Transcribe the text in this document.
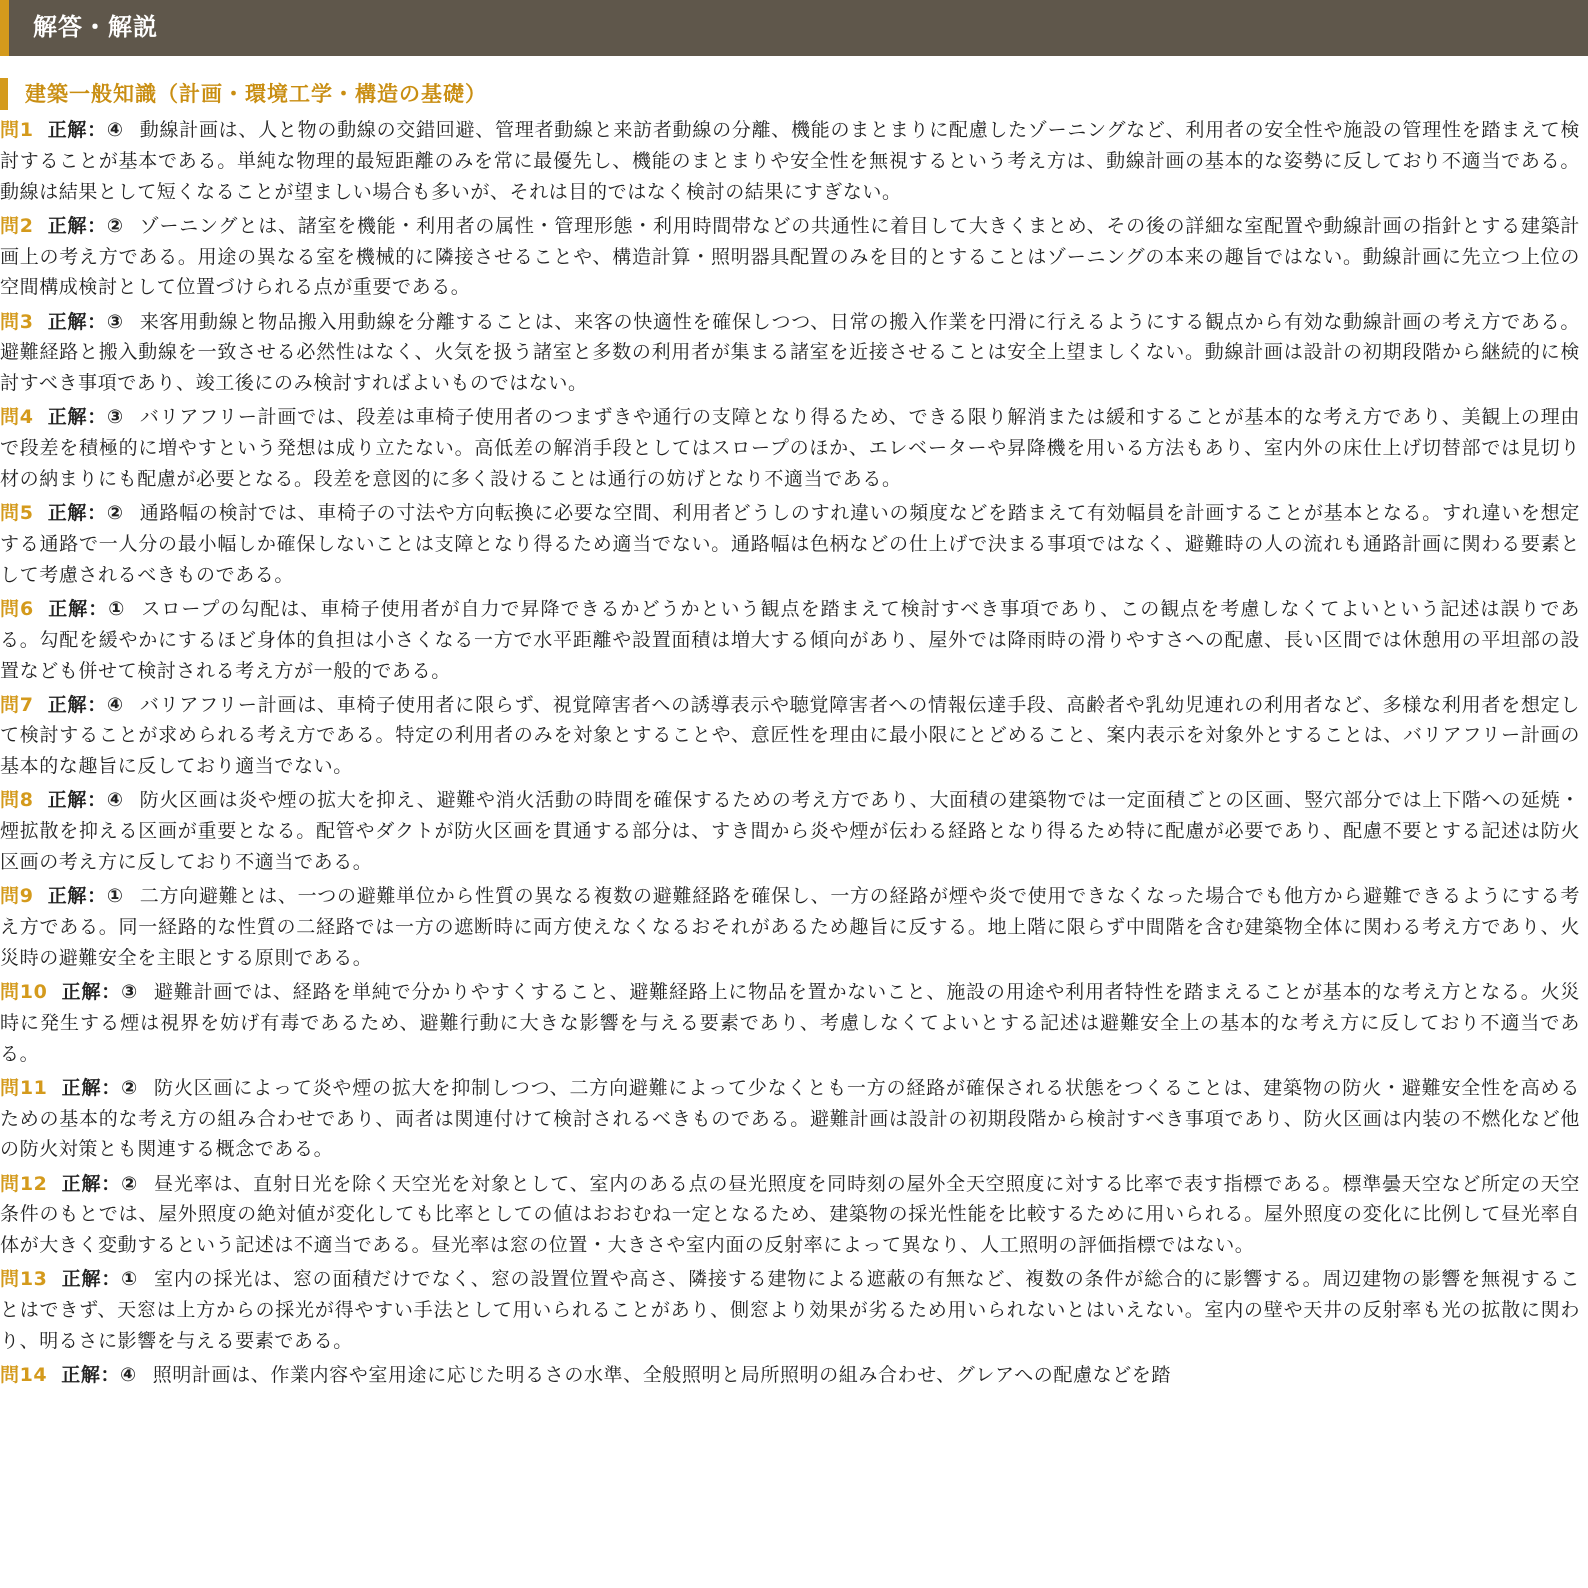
解答・解説
建築一般知識（計画・環境工学・構造の基礎）
問1 正解：④ 動線計画は、人と物の動線の交錯回避、管理者動線と来訪者動線の分離、機能のまとまりに配慮したゾーニングなど、利用者の安全性や施設の管理性を踏まえて検討することが基本である。単純な物理的最短距離のみを常に最優先し、機能のまとまりや安全性を無視するという考え方は、動線計画の基本的な姿勢に反しており不適当である。動線は結果として短くなることが望ましい場合も多いが、それは目的ではなく検討の結果にすぎない。
問2 正解：② ゾーニングとは、諸室を機能・利用者の属性・管理形態・利用時間帯などの共通性に着目して大きくまとめ、その後の詳細な室配置や動線計画の指針とする建築計画上の考え方である。用途の異なる室を機械的に隣接させることや、構造計算・照明器具配置のみを目的とすることはゾーニングの本来の趣旨ではない。動線計画に先立つ上位の空間構成検討として位置づけられる点が重要である。
問3 正解：③ 来客用動線と物品搬入用動線を分離することは、来客の快適性を確保しつつ、日常の搬入作業を円滑に行えるようにする観点から有効な動線計画の考え方である。避難経路と搬入動線を一致させる必然性はなく、火気を扱う諸室と多数の利用者が集まる諸室を近接させることは安全上望ましくない。動線計画は設計の初期段階から継続的に検討すべき事項であり、竣工後にのみ検討すればよいものではない。
問4 正解：③ バリアフリー計画では、段差は車椅子使用者のつまずきや通行の支障となり得るため、できる限り解消または緩和することが基本的な考え方であり、美観上の理由で段差を積極的に増やすという発想は成り立たない。高低差の解消手段としてはスロープのほか、エレベーターや昇降機を用いる方法もあり、室内外の床仕上げ切替部では見切り材の納まりにも配慮が必要となる。段差を意図的に多く設けることは通行の妨げとなり不適当である。
問5 正解：② 通路幅の検討では、車椅子の寸法や方向転換に必要な空間、利用者どうしのすれ違いの頻度などを踏まえて有効幅員を計画することが基本となる。すれ違いを想定する通路で一人分の最小幅しか確保しないことは支障となり得るため適当でない。通路幅は色柄などの仕上げで決まる事項ではなく、避難時の人の流れも通路計画に関わる要素として考慮されるべきものである。
問6 正解：① スロープの勾配は、車椅子使用者が自力で昇降できるかどうかという観点を踏まえて検討すべき事項であり、この観点を考慮しなくてよいという記述は誤りである。勾配を緩やかにするほど身体的負担は小さくなる一方で水平距離や設置面積は増大する傾向があり、屋外では降雨時の滑りやすさへの配慮、長い区間では休憩用の平坦部の設置なども併せて検討される考え方が一般的である。
問7 正解：④ バリアフリー計画は、車椅子使用者に限らず、視覚障害者への誘導表示や聴覚障害者への情報伝達手段、高齢者や乳幼児連れの利用者など、多様な利用者を想定して検討することが求められる考え方である。特定の利用者のみを対象とすることや、意匠性を理由に最小限にとどめること、案内表示を対象外とすることは、バリアフリー計画の基本的な趣旨に反しており適当でない。
問8 正解：④ 防火区画は炎や煙の拡大を抑え、避難や消火活動の時間を確保するための考え方であり、大面積の建築物では一定面積ごとの区画、竪穴部分では上下階への延焼・煙拡散を抑える区画が重要となる。配管やダクトが防火区画を貫通する部分は、すき間から炎や煙が伝わる経路となり得るため特に配慮が必要であり、配慮不要とする記述は防火区画の考え方に反しており不適当である。
問9 正解：① 二方向避難とは、一つの避難単位から性質の異なる複数の避難経路を確保し、一方の経路が煙や炎で使用できなくなった場合でも他方から避難できるようにする考え方である。同一経路的な性質の二経路では一方の遮断時に両方使えなくなるおそれがあるため趣旨に反する。地上階に限らず中間階を含む建築物全体に関わる考え方であり、火災時の避難安全を主眼とする原則である。
問10 正解：③ 避難計画では、経路を単純で分かりやすくすること、避難経路上に物品を置かないこと、施設の用途や利用者特性を踏まえることが基本的な考え方となる。火災時に発生する煙は視界を妨げ有毒であるため、避難行動に大きな影響を与える要素であり、考慮しなくてよいとする記述は避難安全上の基本的な考え方に反しており不適当である。
問11 正解：② 防火区画によって炎や煙の拡大を抑制しつつ、二方向避難によって少なくとも一方の経路が確保される状態をつくることは、建築物の防火・避難安全性を高めるための基本的な考え方の組み合わせであり、両者は関連付けて検討されるべきものである。避難計画は設計の初期段階から検討すべき事項であり、防火区画は内装の不燃化など他の防火対策とも関連する概念である。
問12 正解：② 昼光率は、直射日光を除く天空光を対象として、室内のある点の昼光照度を同時刻の屋外全天空照度に対する比率で表す指標である。標準曇天空など所定の天空条件のもとでは、屋外照度の絶対値が変化しても比率としての値はおおむね一定となるため、建築物の採光性能を比較するために用いられる。屋外照度の変化に比例して昼光率自体が大きく変動するという記述は不適当である。昼光率は窓の位置・大きさや室内面の反射率によって異なり、人工照明の評価指標ではない。
問13 正解：① 室内の採光は、窓の面積だけでなく、窓の設置位置や高さ、隣接する建物による遮蔽の有無など、複数の条件が総合的に影響する。周辺建物の影響を無視することはできず、天窓は上方からの採光が得やすい手法として用いられることがあり、側窓より効果が劣るため用いられないとはいえない。室内の壁や天井の反射率も光の拡散に関わり、明るさに影響を与える要素である。
問14 正解：④ 照明計画は、作業内容や室用途に応じた明るさの水準、全般照明と局所照明の組み合わせ、グレアへの配慮などを踏
